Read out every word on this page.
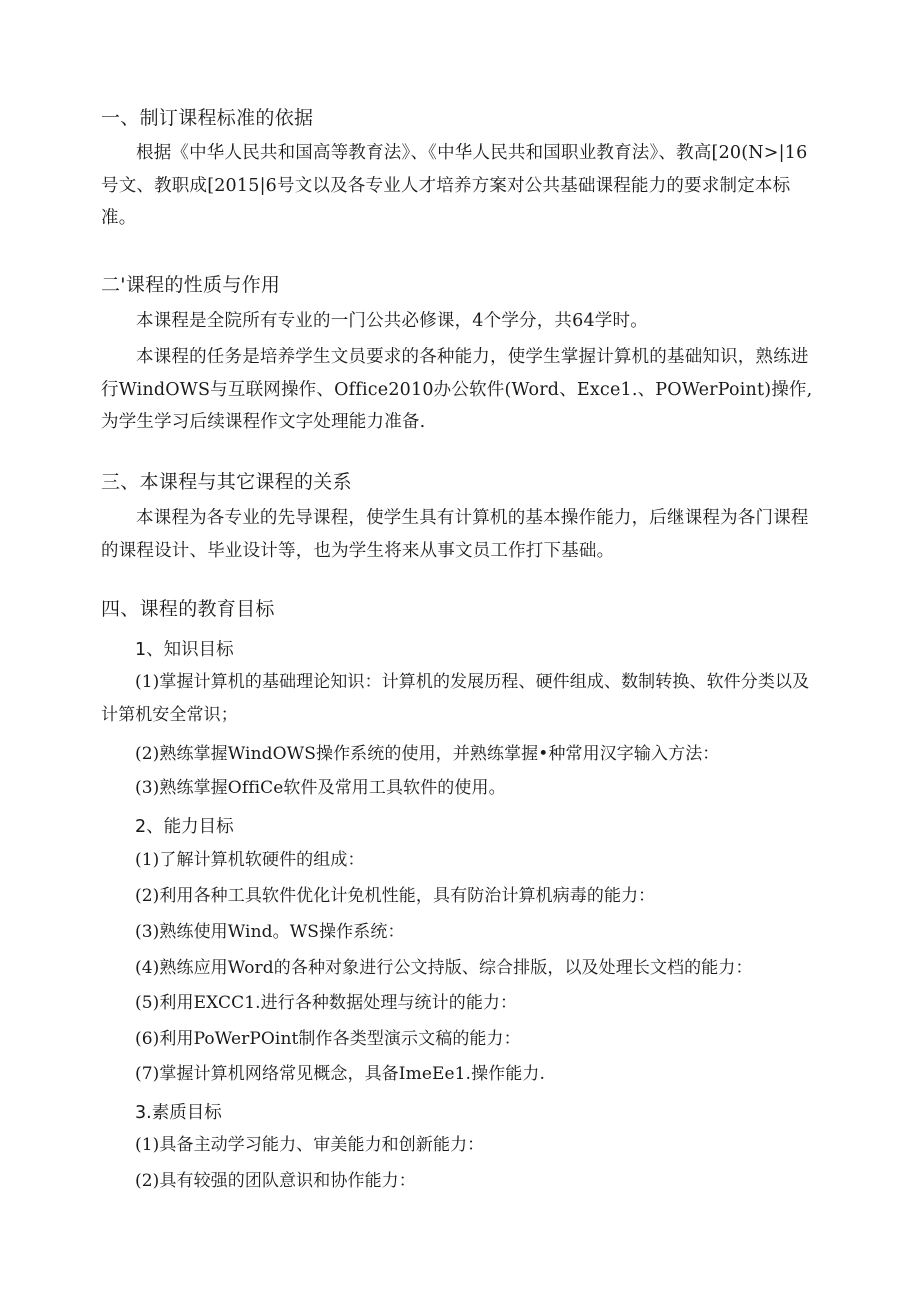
一、制订课程标准的依据

根据《中华人民共和国高等教育法》、《中华人民共和国职业教育法》、教高[20(N>|16号文、教职成[2015|6号文以及各专业人才培养方案对公共基础课程能力的要求制定本标准。

二'课程的性质与作用

本课程是全院所有专业的一门公共必修课，4个学分，共64学时。

本课程的任务是培养学生文员要求的各种能力，使学生掌握计算机的基础知识，熟练进行WindOWS与互联网操作、Office2010办公软件(Word、Exce1.、POWerPoint)操作,为学生学习后续课程作文字处理能力准备.

三、本课程与其它课程的关系

本课程为各专业的先导课程，使学生具有计算机的基本操作能力，后继课程为各门课程的课程设计、毕业设计等，也为学生将来从事文员工作打下基础。

四、课程的教育目标
1、知识目标

(1)掌握计算机的基础理论知识：计算机的发展历程、硬件组成、数制转换、软件分类以及计第机安全常识；

(2)熟练掌握WindOWS操作系统的使用，并熟练掌握•种常用汉字输入方法：

(3)熟练掌握OffiCe软件及常用工具软件的使用。

2、能力目标

(1)了解计算机软硬件的组成：

(2)利用各种工具软件优化计免机性能，具有防治计算机病毒的能力：

(3)熟练使用Wind。WS操作系统：

(4)熟练应用Word的各种对象进行公文持版、综合排版，以及处理长文档的能力：

(5)利用EXCC1.进行各种数据处理与统计的能力：

(6)利用PoWerPOint制作各类型演示文稿的能力：

(7)掌握计算机网络常见概念，具备ImeEe1.操作能力.

3.素质目标

(1)具备主动学习能力、审美能力和创新能力：

(2)具有较强的团队意识和协作能力：
